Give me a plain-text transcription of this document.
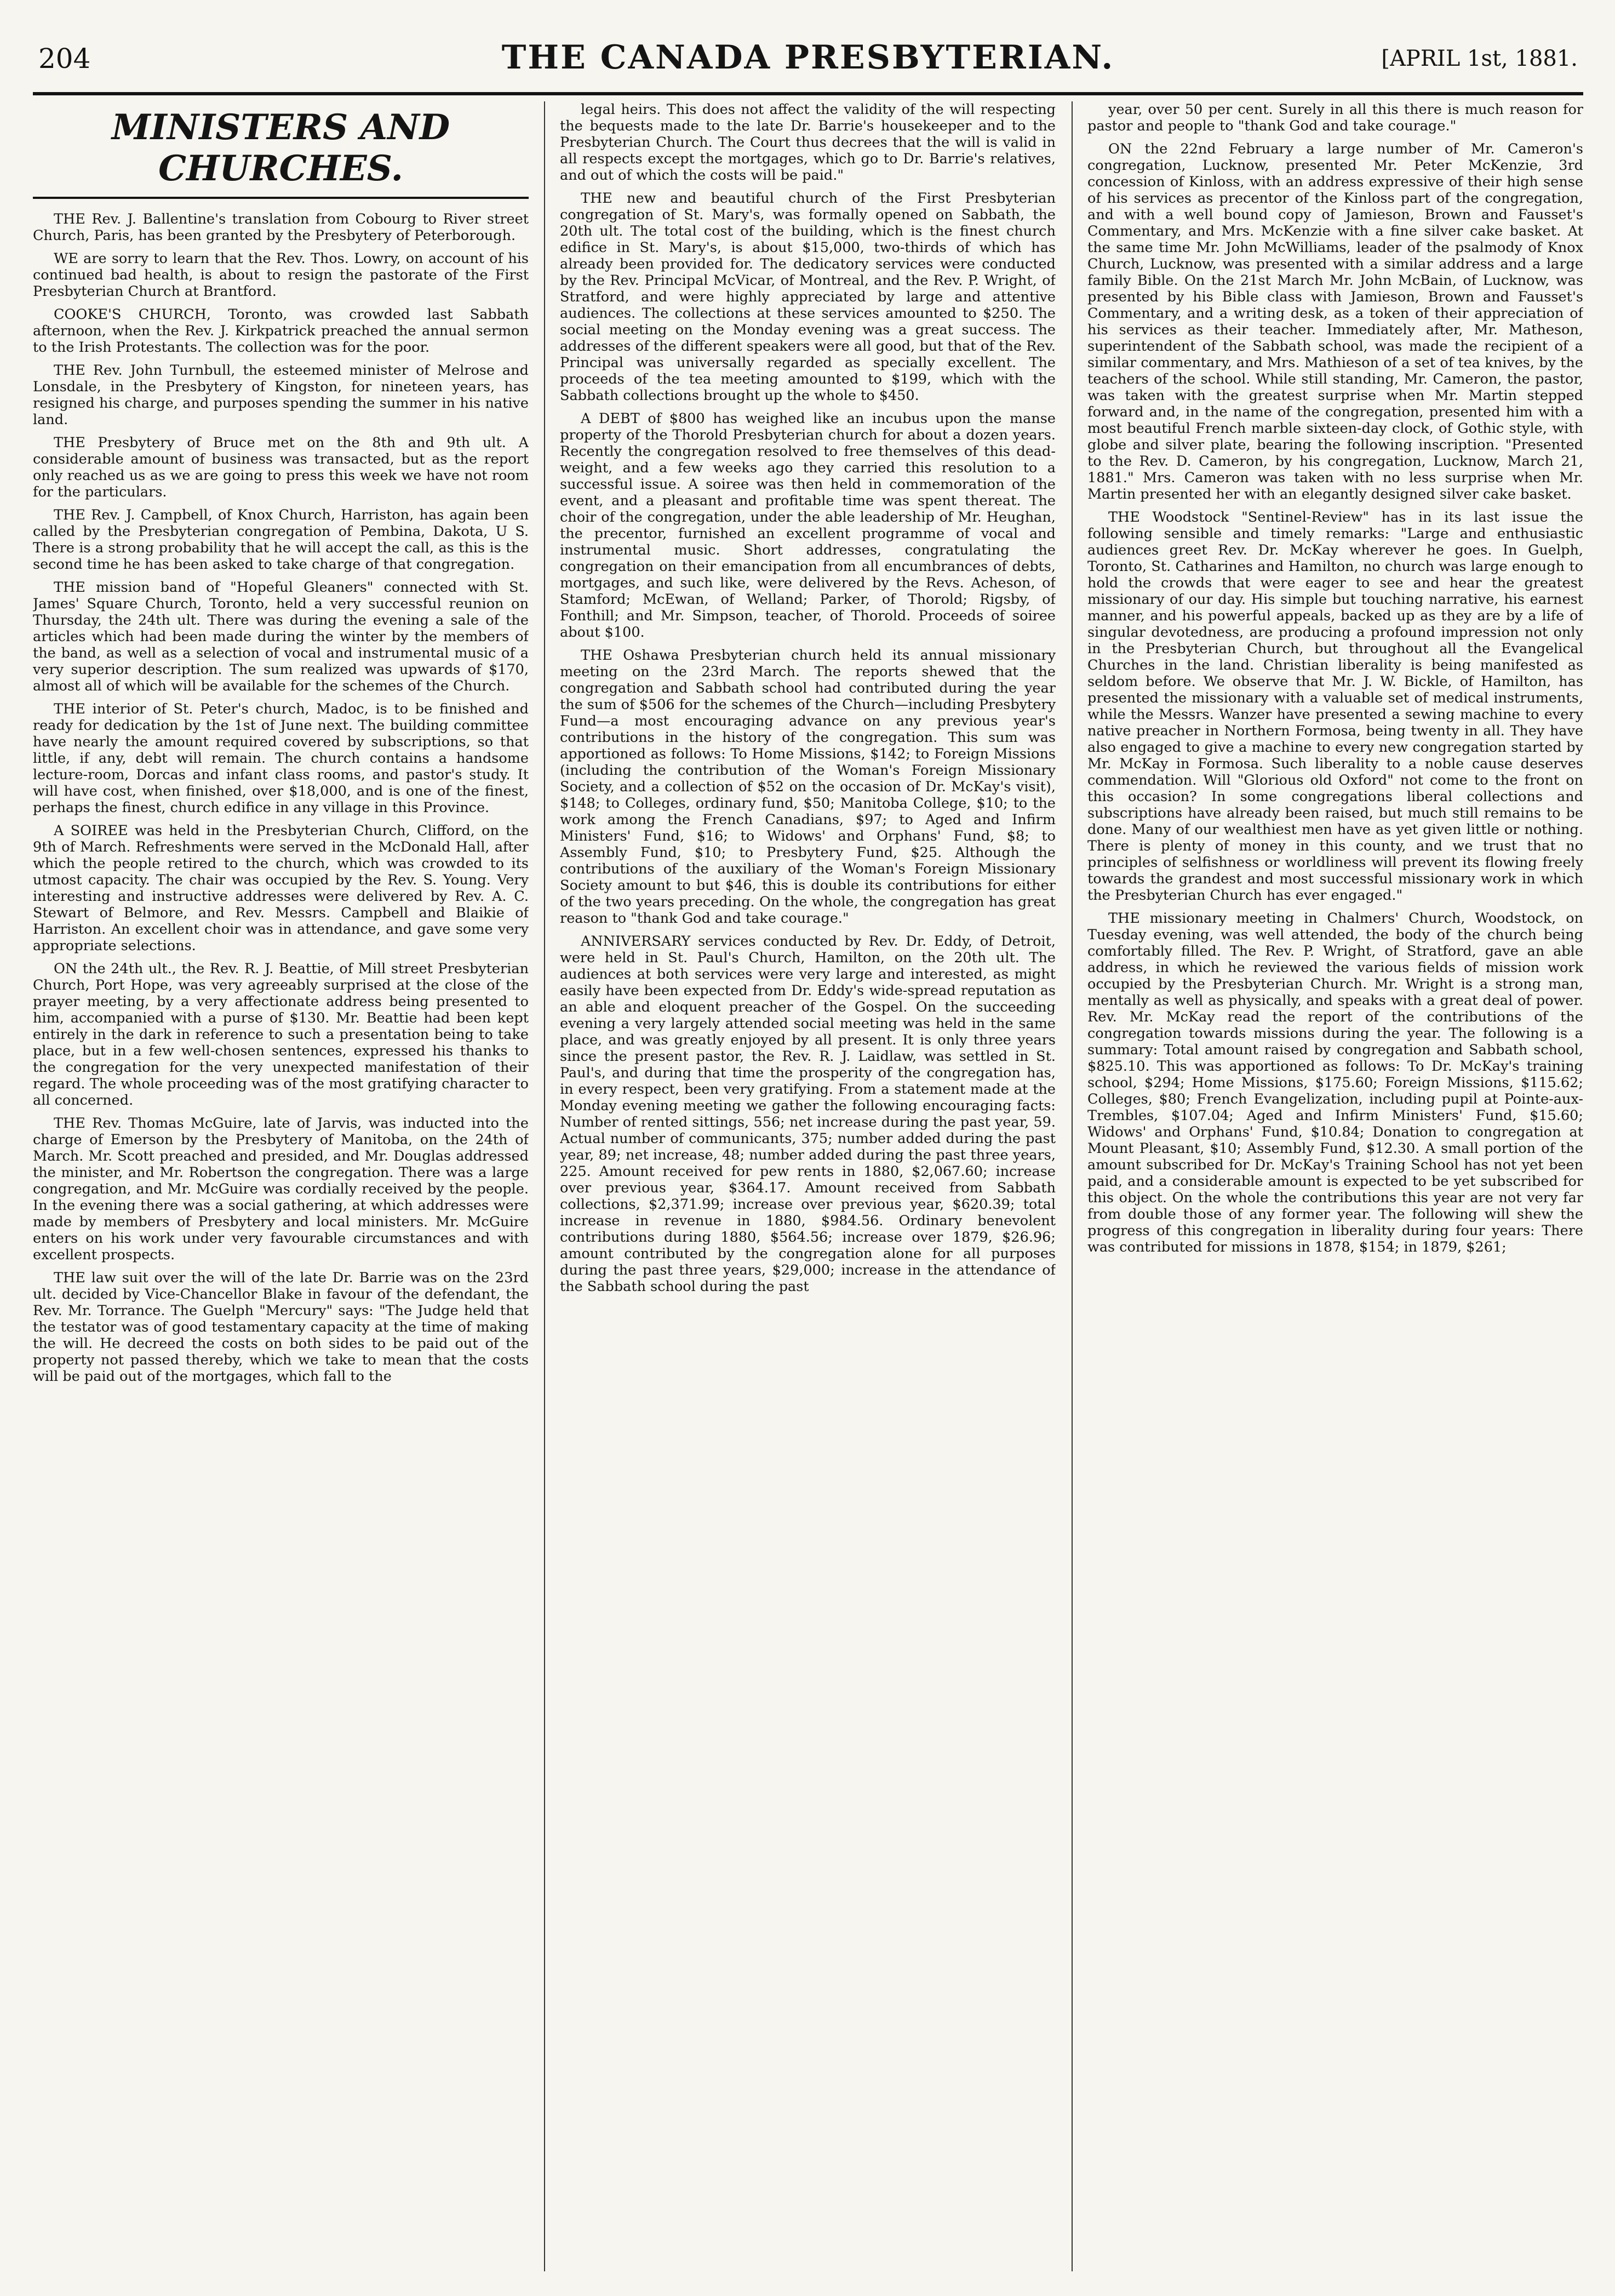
204	THE CANADA PRESBYTERIAN.	[APRIL 1st, 1881.
MINISTERS AND CHURCHES.

THE Rev. J. Ballentine's translation from Cobourg to River street Church, Paris, has been granted by the Presbytery of Peterborough.

WE are sorry to learn that the Rev. Thos. Lowry, on account of his continued bad health, is about to resign the pastorate of the First Presbyterian Church at Brantford.

COOKE'S CHURCH, Toronto, was crowded last Sabbath afternoon, when the Rev. J. Kirkpatrick preached the annual sermon to the Irish Protestants. The collection was for the poor.

THE Rev. John Turnbull, the esteemed minister of Melrose and Lonsdale, in the Presbytery of Kingston, for nineteen years, has resigned his charge, and purposes spending the summer in his native land.

THE Presbytery of Bruce met on the 8th and 9th ult. A considerable amount of business was transacted, but as the report only reached us as we are going to press this week we have not room for the particulars.

THE Rev. J. Campbell, of Knox Church, Harriston, has again been called by the Presbyterian congregation of Pembina, Dakota, U S. There is a strong probability that he will accept the call, as this is the second time he has been asked to take charge of that congregation.

THE mission band of "Hopeful Gleaners" connected with St. James' Square Church, Toronto, held a very successful reunion on Thursday, the 24th ult. There was during the evening a sale of the articles which had been made during the winter by the members of the band, as well as a selection of vocal and instrumental music of a very superior description. The sum realized was upwards of $170, almost all of which will be available for the schemes of the Church.

THE interior of St. Peter's church, Madoc, is to be finished and ready for dedication by the 1st of June next. The building committee have nearly the amount required covered by subscriptions, so that little, if any, debt will remain. The church contains a handsome lecture-room, Dorcas and infant class rooms, and pastor's study. It will have cost, when finished, over $18,000, and is one of the finest, perhaps the finest, church edifice in any village in this Province.

A SOIREE was held in the Presbyterian Church, Clifford, on the 9th of March. Refreshments were served in the McDonald Hall, after which the people retired to the church, which was crowded to its utmost capacity. The chair was occupied by the Rev. S. Young. Very interesting and instructive addresses were delivered by Rev. A. C. Stewart of Belmore, and Rev. Messrs. Campbell and Blaikie of Harriston. An excellent choir was in attendance, and gave some very appropriate selections.

ON the 24th ult., the Rev. R. J. Beattie, of Mill street Presbyterian Church, Port Hope, was very agreeably surprised at the close of the prayer meeting, by a very affectionate address being presented to him, accompanied with a purse of $130. Mr. Beattie had been kept entirely in the dark in reference to such a presentation being to take place, but in a few well-chosen sentences, expressed his thanks to the congregation for the very unexpected manifestation of their regard. The whole proceeding was of the most gratifying character to all concerned.

THE Rev. Thomas McGuire, late of Jarvis, was inducted into the charge of Emerson by the Presbytery of Manitoba, on the 24th of March. Mr. Scott preached and presided, and Mr. Douglas addressed the minister, and Mr. Robertson the congregation. There was a large congregation, and Mr. McGuire was cordially received by the people. In the evening there was a social gathering, at which addresses were made by members of Presbytery and local ministers. Mr. McGuire enters on his work under very favourable circumstances and with excellent prospects.

THE law suit over the will of the late Dr. Barrie was on the 23rd ult. decided by Vice-Chancellor Blake in favour of the defendant, the Rev. Mr. Torrance. The Guelph "Mercury" says: "The Judge held that the testator was of good testamentary capacity at the time of making the will. He decreed the costs on both sides to be paid out of the property not passed thereby, which we take to mean that the costs will be paid out of the mortgages, which fall to the

legal heirs. This does not affect the validity of the will respecting the bequests made to the late Dr. Barrie's housekeeper and to the Presbyterian Church. The Court thus decrees that the will is valid in all respects except the mortgages, which go to Dr. Barrie's relatives, and out of which the costs will be paid."

THE new and beautiful church of the First Presbyterian congregation of St. Mary's, was formally opened on Sabbath, the 20th ult. The total cost of the building, which is the finest church edifice in St. Mary's, is about $15,000, two-thirds of which has already been provided for. The dedicatory services were conducted by the Rev. Principal McVicar, of Montreal, and the Rev. P. Wright, of Stratford, and were highly appreciated by large and attentive audiences. The collections at these services amounted to $250. The social meeting on the Monday evening was a great success. The addresses of the different speakers were all good, but that of the Rev. Principal was universally regarded as specially excellent. The proceeds of the tea meeting amounted to $199, which with the Sabbath collections brought up the whole to $450.

A DEBT of $800 has weighed like an incubus upon the manse property of the Thorold Presbyterian church for about a dozen years. Recently the congregation resolved to free themselves of this dead-weight, and a few weeks ago they carried this resolution to a successful issue. A soiree was then held in commemoration of the event, and a pleasant and profitable time was spent thereat. The choir of the congregation, under the able leadership of Mr. Heughan, the precentor, furnished an excellent programme of vocal and instrumental music. Short addresses, congratulating the congregation on their emancipation from all encumbrances of debts, mortgages, and such like, were delivered by the Revs. Acheson, of Stamford; McEwan, of Welland; Parker, of Thorold; Rigsby, of Fonthill; and Mr. Simpson, teacher, of Thorold. Proceeds of soiree about $100.

THE Oshawa Presbyterian church held its annual missionary meeting on the 23rd March. The reports shewed that the congregation and Sabbath school had contributed during the year the sum of $506 for the schemes of the Church—including Presbytery Fund—a most encouraging advance on any previous year's contributions in the history of the congregation. This sum was apportioned as follows: To Home Missions, $142; to Foreign Missions (including the contribution of the Woman's Foreign Missionary Society, and a collection of $52 on the occasion of Dr. McKay's visit), $148; to Colleges, ordinary fund, $50; Manitoba College, $10; to the work among the French Canadians, $97; to Aged and Infirm Ministers' Fund, $16; to Widows' and Orphans' Fund, $8; to Assembly Fund, $10; to Presbytery Fund, $25. Although the contributions of the auxiliary of the Woman's Foreign Missionary Society amount to but $46, this is double its contributions for either of the two years preceding. On the whole, the congregation has great reason to "thank God and take courage."

ANNIVERSARY services conducted by Rev. Dr. Eddy, of Detroit, were held in St. Paul's Church, Hamilton, on the 20th ult. The audiences at both services were very large and interested, as might easily have been expected from Dr. Eddy's wide-spread reputation as an able and eloquent preacher of the Gospel. On the succeeding evening a very largely attended social meeting was held in the same place, and was greatly enjoyed by all present. It is only three years since the present pastor, the Rev. R. J. Laidlaw, was settled in St. Paul's, and during that time the prosperity of the congregation has, in every respect, been very gratifying. From a statement made at the Monday evening meeting we gather the following encouraging facts: Number of rented sittings, 556; net increase during the past year, 59. Actual number of communicants, 375; number added during the past year, 89; net increase, 48; number added during the past three years, 225. Amount received for pew rents in 1880, $2,067.60; increase over previous year, $364.17. Amount received from Sabbath collections, $2,371.99; increase over previous year, $620.39; total increase in revenue in 1880, $984.56. Ordinary benevolent contributions during 1880, $564.56; increase over 1879, $26.96; amount contributed by the congregation alone for all purposes during the past three years, $29,000; increase in the attendance of the Sabbath school during the past

year, over 50 per cent. Surely in all this there is much reason for pastor and people to "thank God and take courage."

ON the 22nd February a large number of Mr. Cameron's congregation, Lucknow, presented Mr. Peter McKenzie, 3rd concession of Kinloss, with an address expressive of their high sense of his services as precentor of the Kinloss part of the congregation, and with a well bound copy of Jamieson, Brown and Fausset's Commentary, and Mrs. McKenzie with a fine silver cake basket. At the same time Mr. John McWilliams, leader of the psalmody of Knox Church, Lucknow, was presented with a similar address and a large family Bible. On the 21st March Mr. John McBain, of Lucknow, was presented by his Bible class with Jamieson, Brown and Fausset's Commentary, and a writing desk, as a token of their appreciation of his services as their teacher. Immediately after, Mr. Matheson, superintendent of the Sabbath school, was made the recipient of a similar commentary, and Mrs. Mathieson of a set of tea knives, by the teachers of the school. While still standing, Mr. Cameron, the pastor, was taken with the greatest surprise when Mr. Martin stepped forward and, in the name of the congregation, presented him with a most beautiful French marble sixteen-day clock, of Gothic style, with globe and silver plate, bearing the following inscription. "Presented to the Rev. D. Cameron, by his congregation, Lucknow, March 21, 1881." Mrs. Cameron was taken with no less surprise when Mr. Martin presented her with an elegantly designed silver cake basket.

THE Woodstock "Sentinel-Review" has in its last issue the following sensible and timely remarks: "Large and enthusiastic audiences greet Rev. Dr. McKay wherever he goes. In Guelph, Toronto, St. Catharines and Hamilton, no church was large enough to hold the crowds that were eager to see and hear the greatest missionary of our day. His simple but touching narrative, his earnest manner, and his powerful appeals, backed up as they are by a life of singular devotedness, are producing a profound impression not only in the Presbyterian Church, but throughout all the Evangelical Churches in the land. Christian liberality is being manifested as seldom before. We observe that Mr. J. W. Bickle, of Hamilton, has presented the missionary with a valuable set of medical instruments, while the Messrs. Wanzer have presented a sewing machine to every native preacher in Northern Formosa, being twenty in all. They have also engaged to give a machine to every new congregation started by Mr. McKay in Formosa. Such liberality to a noble cause deserves commendation. Will "Glorious old Oxford" not come to the front on this occasion? In some congregations liberal collections and subscriptions have already been raised, but much still remains to be done. Many of our wealthiest men have as yet given little or nothing. There is plenty of money in this county, and we trust that no principles of selfishness or worldliness will prevent its flowing freely towards the grandest and most successful missionary work in which the Presbyterian Church has ever engaged."

THE missionary meeting in Chalmers' Church, Woodstock, on Tuesday evening, was well attended, the body of the church being comfortably filled. The Rev. P. Wright, of Stratford, gave an able address, in which he reviewed the various fields of mission work occupied by the Presbyterian Church. Mr. Wright is a strong man, mentally as well as physically, and speaks with a great deal of power. Rev. Mr. McKay read the report of the contributions of the congregation towards missions during the year. The following is a summary: Total amount raised by congregation and Sabbath school, $825.10. This was apportioned as follows: To Dr. McKay's training school, $294; Home Missions, $175.60; Foreign Missions, $115.62; Colleges, $80; French Evangelization, including pupil at Pointe-aux-Trembles, $107.04; Aged and Infirm Ministers' Fund, $15.60; Widows' and Orphans' Fund, $10.84; Donation to congregation at Mount Pleasant, $10; Assembly Fund, $12.30. A small portion of the amount subscribed for Dr. McKay's Training School has not yet been paid, and a considerable amount is expected to be yet subscribed for this object. On the whole the contributions this year are not very far from double those of any former year. The following will shew the progress of this congregation in liberality during four years: There was contributed for missions in 1878, $154; in 1879, $261;
